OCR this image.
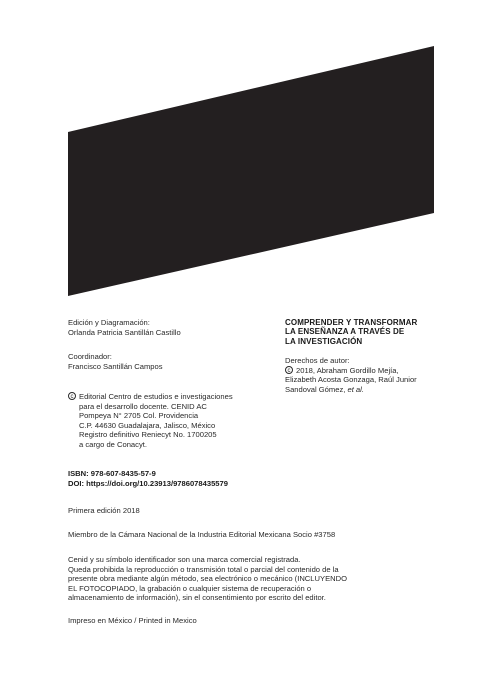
Edición y Diagramación:
Orlanda Patricia Santillán Castillo
Coordinador:
Francisco Santillán Campos
c Editorial Centro de estudios e investigaciones
para el desarrollo docente. CENID AC
Pompeya N° 2705 Col. Providencia
C.P. 44630 Guadalajara, Jalisco, México
Registro definitivo Reniecyt No. 1700205
a cargo de Conacyt.
ISBN: 978-607-8435-57-9
DOI: https://doi.org/10.23913/9786078435579
Primera edición 2018
Miembro de la Cámara Nacional de la Industria Editorial Mexicana Socio #3758
Cenid y su símbolo identificador son una marca comercial registrada.
Queda prohibida la reproducción o transmisión total o parcial del contenido de la
presente obra mediante algún método, sea electrónico o mecánico (INCLUYENDO
EL FOTOCOPIADO, la grabación o cualquier sistema de recuperación o
almacenamiento de información), sin el consentimiento por escrito del editor.
Impreso en México / Printed in Mexico
COMPRENDER Y TRANSFORMAR
LA ENSEÑANZA A TRAVÉS DE
LA INVESTIGACIÓN
Derechos de autor:
c 2018, Abraham Gordillo Mejía,
Elizabeth Acosta Gonzaga, Raúl Junior
Sandoval Gómez, et al.
